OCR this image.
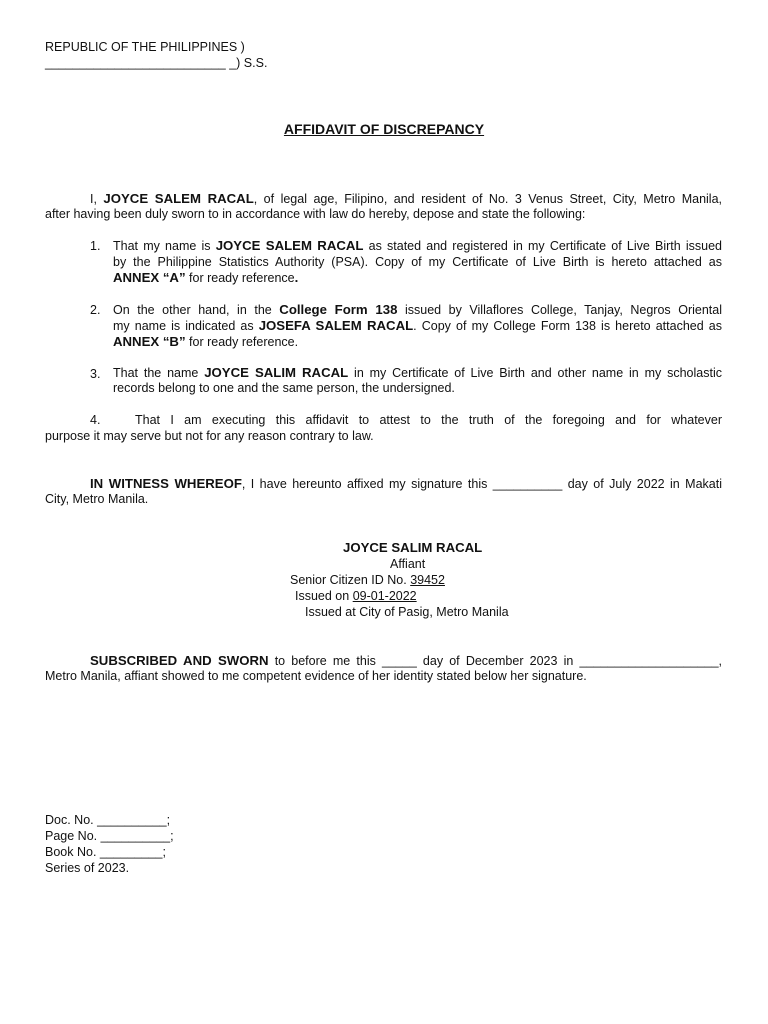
REPUBLIC OF THE PHILIPPINES )
__________________________ _) S.S.
AFFIDAVIT OF DISCREPANCY
I, JOYCE SALEM RACAL, of legal age, Filipino, and resident of No. 3 Venus Street, City, Metro Manila,
after having been duly sworn to in accordance with law do hereby, depose and state the following:
1. That my name is JOYCE SALEM RACAL as stated and registered in my Certificate of Live Birth issued
by the Philippine Statistics Authority (PSA). Copy of my Certificate of Live Birth is hereto attached as
ANNEX “A” for ready reference.
2. On the other hand, in the College Form 138 issued by Villaflores College, Tanjay, Negros Oriental
my name is indicated as JOSEFA SALEM RACAL. Copy of my College Form 138 is hereto attached as
ANNEX “B” for ready reference.
3. That the name JOYCE SALIM RACAL in my Certificate of Live Birth and other name in my scholastic
records belong to one and the same person, the undersigned.
4.	That I am executing this affidavit to attest to the truth of the foregoing and for whatever
purpose it may serve but not for any reason contrary to law.
IN WITNESS WHEREOF, I have hereunto affixed my signature this __________ day of July 2022 in Makati
City, Metro Manila.
JOYCE SALIM RACAL
Affiant
Senior Citizen ID No. 39452
Issued on 09-01-2022
Issued at City of Pasig, Metro Manila
SUBSCRIBED AND SWORN to before me this _____ day of December 2023 in ____________________,
Metro Manila, affiant showed to me competent evidence of her identity stated below her signature.
Doc. No. __________;
Page No. __________;
Book No. _________;
Series of 2023.
